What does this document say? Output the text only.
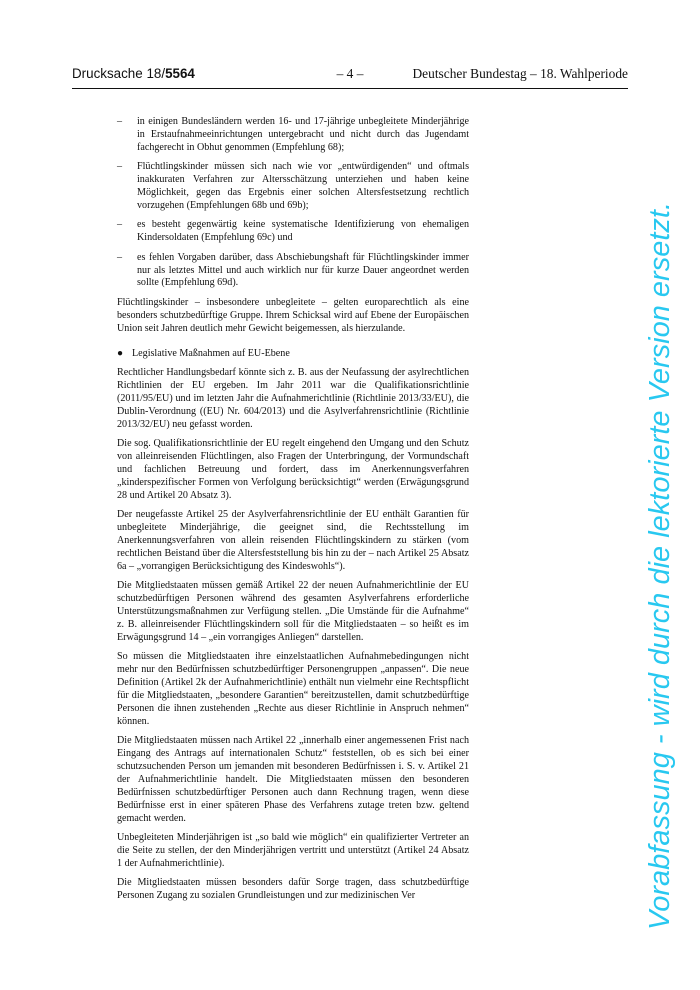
Drucksache 18/5564	– 4 –	Deutscher Bundestag – 18. Wahlperiode
– in einigen Bundesländern werden 16- und 17-jährige unbegleitete Minderjährige in Erstaufnahmeeinrichtungen untergebracht und nicht durch das Jugendamt fachgerecht in Obhut genommen (Empfehlung 68);
– Flüchtlingskinder müssen sich nach wie vor „entwürdigenden“ und oftmals inakkuraten Verfahren zur Altersschätzung unterziehen und haben keine Möglichkeit, gegen das Ergebnis einer solchen Altersfestsetzung rechtlich vorzugehen (Empfehlungen 68b und 69b);
– es besteht gegenwärtig keine systematische Identifizierung von ehemaligen Kindersoldaten (Empfehlung 69c) und
– es fehlen Vorgaben darüber, dass Abschiebungshaft für Flüchtlingskinder immer nur als letztes Mittel und auch wirklich nur für kurze Dauer angeordnet werden sollte (Empfehlung 69d).

Flüchtlingskinder – insbesondere unbegleitete – gelten europarechtlich als eine besonders schutzbedürftige Gruppe. Ihrem Schicksal wird auf Ebene der Europäischen Union seit Jahren deutlich mehr Gewicht beigemessen, als hierzulande.

● Legislative Maßnahmen auf EU-Ebene

Rechtlicher Handlungsbedarf könnte sich z. B. aus der Neufassung der asylrechtlichen Richtlinien der EU ergeben. Im Jahr 2011 war die Qualifikationsrichtlinie (2011/95/EU) und im letzten Jahr die Aufnahmerichtlinie (Richtlinie 2013/33/EU), die Dublin-Verordnung ((EU) Nr. 604/2013) und die Asylverfahrensrichtlinie (Richtlinie 2013/32/EU) neu gefasst worden.

Die sog. Qualifikationsrichtlinie der EU regelt eingehend den Umgang und den Schutz von alleinreisenden Flüchtlingen, also Fragen der Unterbringung, der Vormundschaft und fachlichen Betreuung und fordert, dass im Anerkennungsverfahren „kinderspezifischer Formen von Verfolgung berücksichtigt“ werden (Erwägungsgrund 28 und Artikel 20 Absatz 3).

Der neugefasste Artikel 25 der Asylverfahrensrichtlinie der EU enthält Garantien für unbegleitete Minderjährige, die geeignet sind, die Rechtsstellung im Anerkennungsverfahren von allein reisenden Flüchtlingskindern zu stärken (vom rechtlichen Beistand über die Altersfeststellung bis hin zu der – nach Artikel 25 Absatz 6a – „vorrangigen Berücksichtigung des Kindeswohls“).

Die Mitgliedstaaten müssen gemäß Artikel 22 der neuen Aufnahmerichtlinie der EU schutzbedürftigen Personen während des gesamten Asylverfahrens erforderliche Unterstützungsmaßnahmen zur Verfügung stellen. „Die Umstände für die Aufnahme“ z. B. alleinreisender Flüchtlingskindern soll für die Mitgliedstaaten – so heißt es im Erwägungsgrund 14 – „ein vorrangiges Anliegen“ darstellen.

So müssen die Mitgliedstaaten ihre einzelstaatlichen Aufnahmebedingungen nicht mehr nur den Bedürfnissen schutzbedürftiger Personengruppen „anpassen“. Die neue Definition (Artikel 2k der Aufnahmerichtlinie) enthält nun vielmehr eine Rechtspflicht für die Mitgliedstaaten, „besondere Garantien“ bereitzustellen, damit schutzbedürftige Personen die ihnen zustehenden „Rechte aus dieser Richtlinie in Anspruch nehmen“ können.

Die Mitgliedstaaten müssen nach Artikel 22 „innerhalb einer angemessenen Frist nach Eingang des Antrags auf internationalen Schutz“ feststellen, ob es sich bei einer schutzsuchenden Person um jemanden mit besonderen Bedürfnissen i. S. v. Artikel 21 der Aufnahmerichtlinie handelt. Die Mitgliedstaaten müssen den besonderen Bedürfnissen schutzbedürftiger Personen auch dann Rechnung tragen, wenn diese Bedürfnisse erst in einer späteren Phase des Verfahrens zutage treten bzw. geltend gemacht werden.

Unbegleiteten Minderjährigen ist „so bald wie möglich“ ein qualifizierter Vertreter an die Seite zu stellen, der den Minderjährigen vertritt und unterstützt (Artikel 24 Absatz 1 der Aufnahmerichtlinie).

Die Mitgliedstaaten müssen besonders dafür Sorge tragen, dass schutzbedürftige Personen Zugang zu sozialen Grundleistungen und zur medizinischen Ver	Vorabfassung - wird durch die lektorierte Version ersetzt.
